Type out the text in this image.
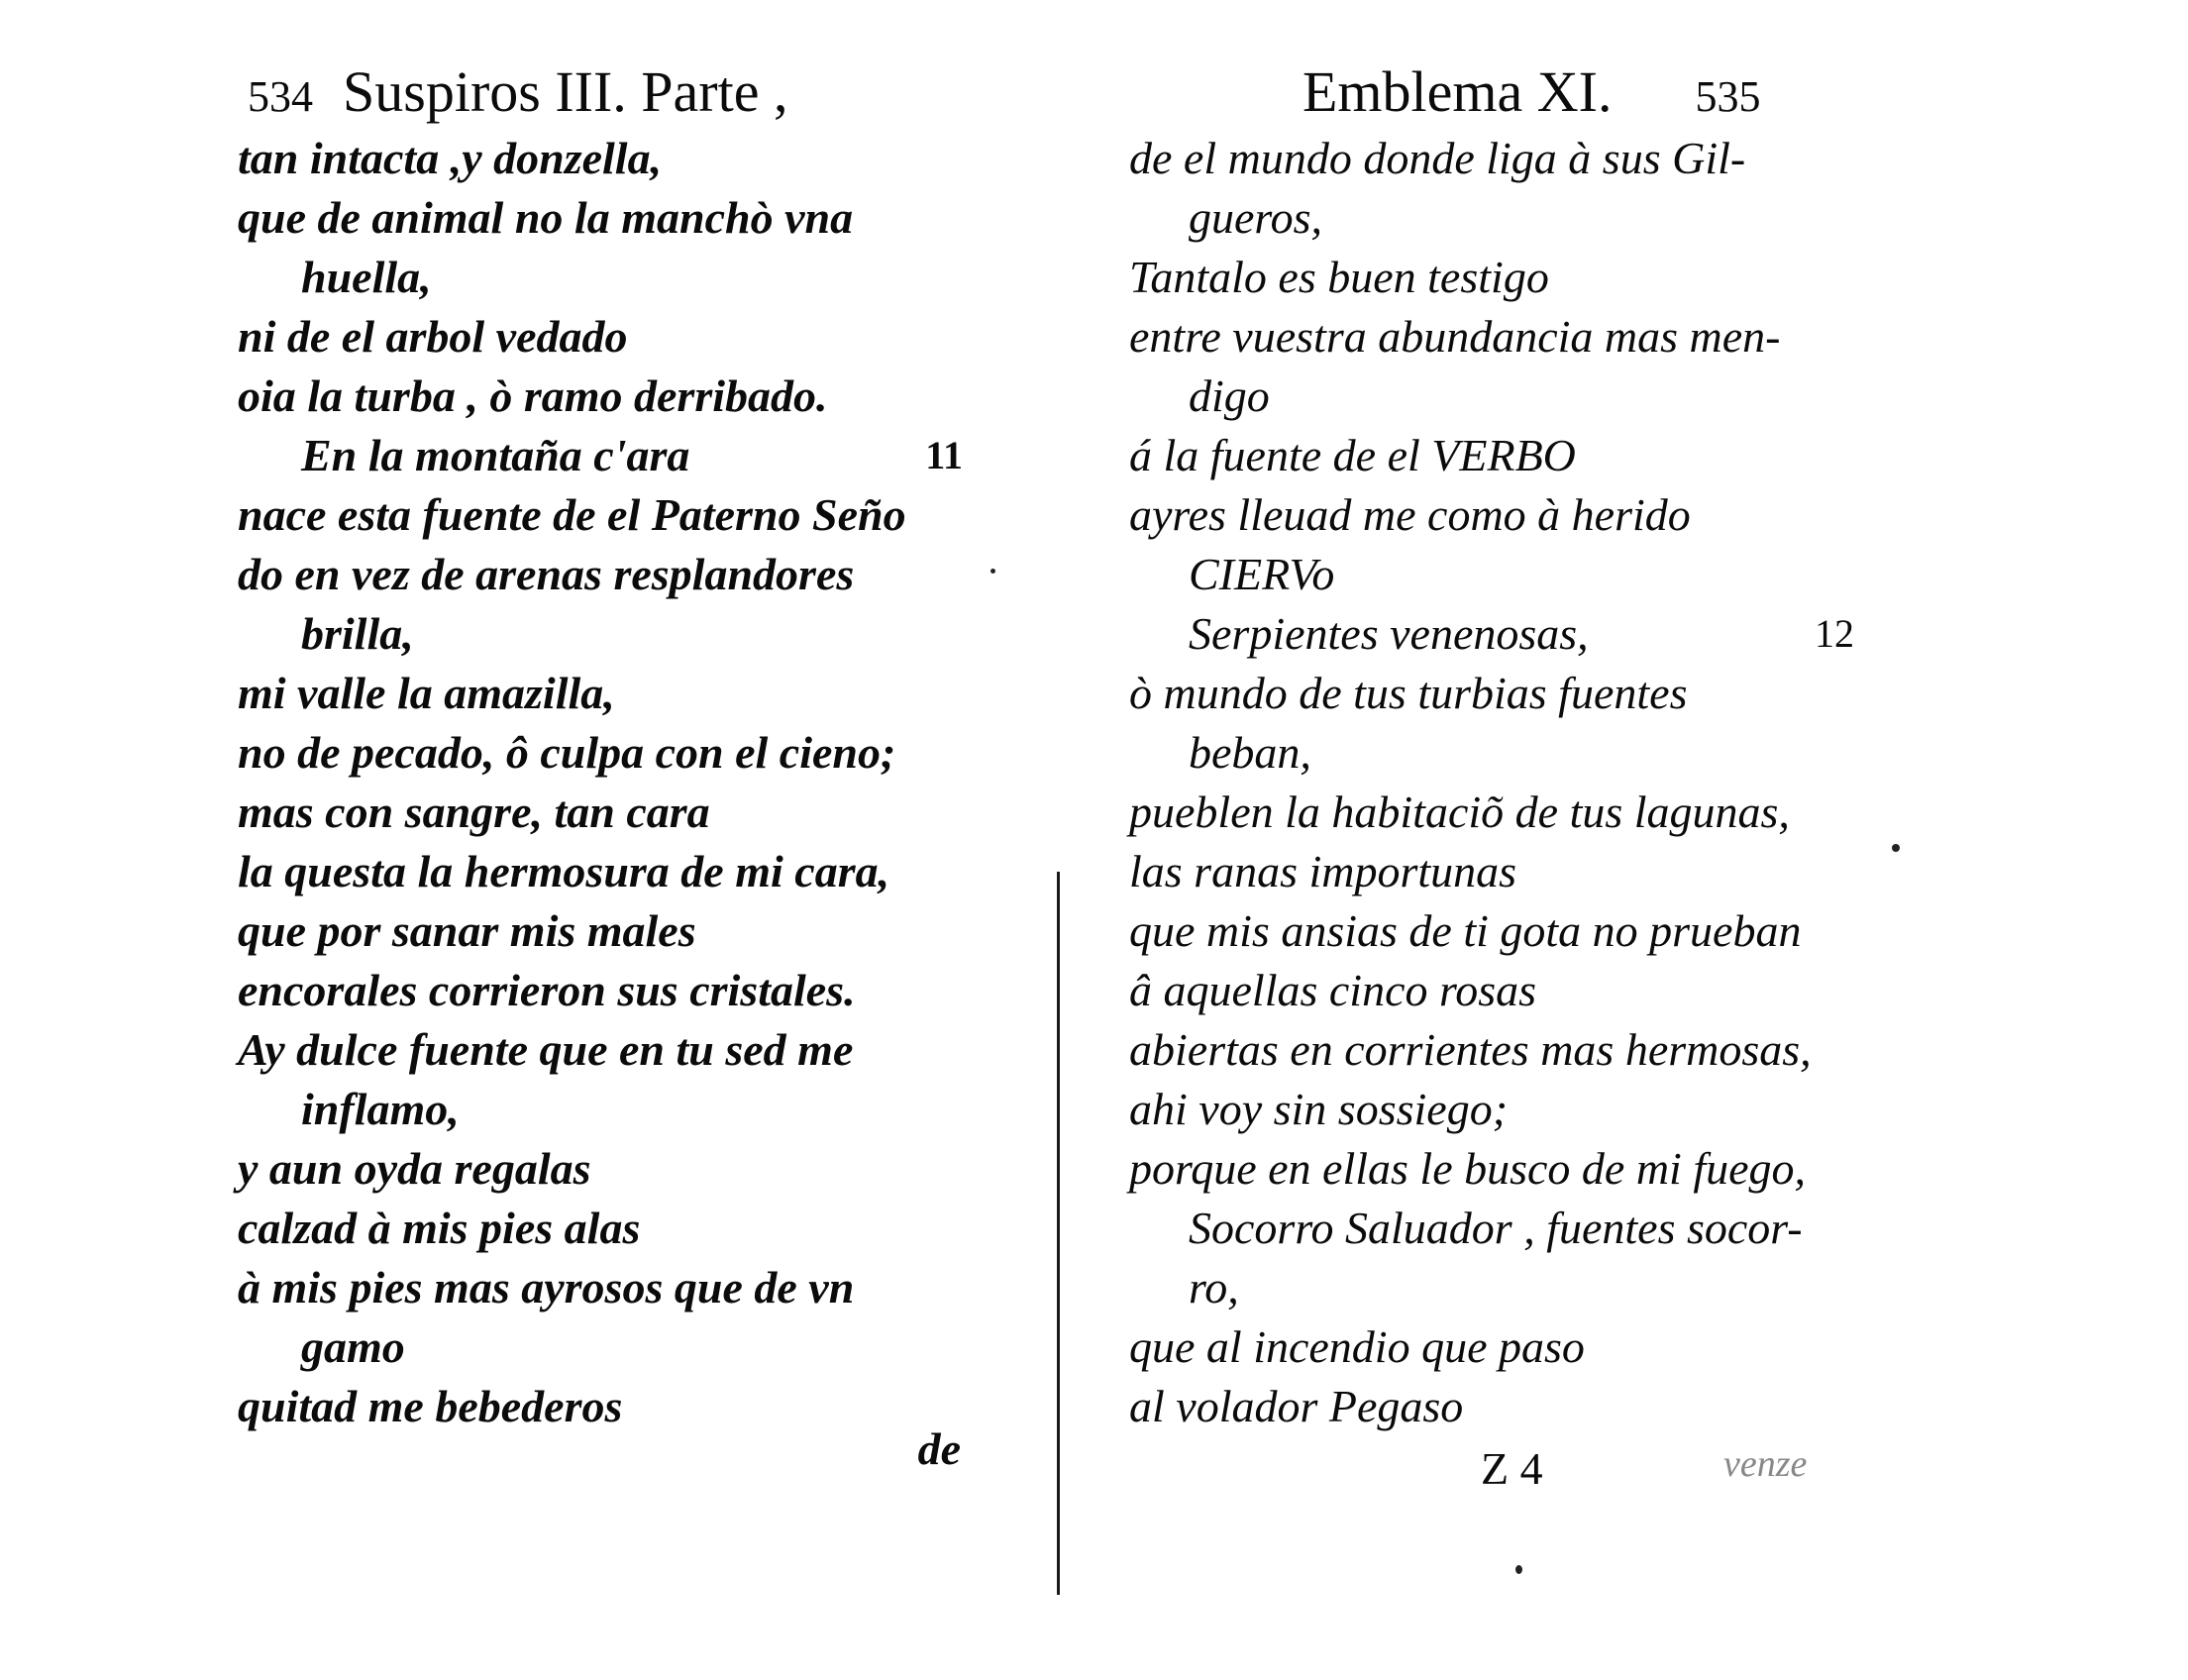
534 Suspiros III. Parte ,
tan intacta ,y donzella,
que de animal no la manchò vna
huella,
ni de el arbol vedado
oia la turba , ò ramo derribado.
En la montaña c'ara	11
nace esta fuente de el Paterno Seño
do en vez de arenas resplandores
brilla,
mi valle la amazilla,
no de pecado, ô culpa con el cieno;
mas con sangre, tan cara
la questa la hermosura de mi cara,
que por sanar mis males
encorales corrieron sus cristales.
Ay dulce fuente que en tu sed me
inflamo,
y aun oyda regalas
calzad à mis pies alas
à mis pies mas ayrosos que de vn
gamo
quitad me bebederos
de
Emblema XI. 535
de el mundo donde liga à sus Gil-
gueros,
Tantalo es buen testigo
entre vuestra abundancia mas men-
digo
á la fuente de el VERBO
ayres lleuad me como à herido
CIERVo
Serpientes venenosas,	12
ò mundo de tus turbias fuentes
beban,
pueblen la habitaciõ de tus lagunas,
las ranas importunas
que mis ansias de ti gota no prueban
â aquellas cinco rosas
abiertas en corrientes mas hermosas,
ahi voy sin sossiego;
porque en ellas le busco de mi fuego,
Socorro Saluador , fuentes socor-
ro,
que al incendio que paso
al volador Pegaso
Z 4	venze
